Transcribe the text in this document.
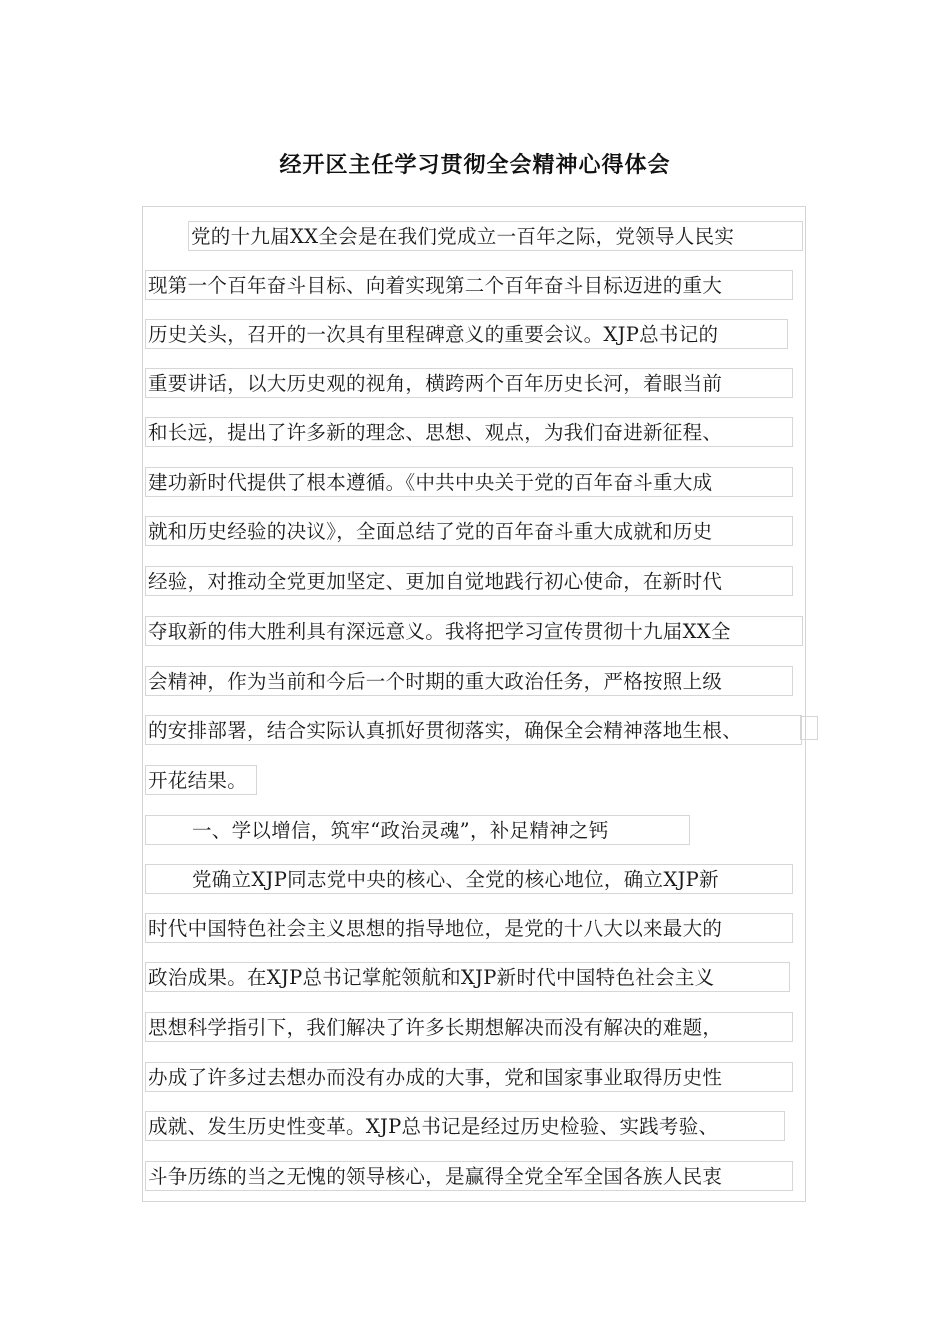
经开区主任学习贯彻全会精神心得体会
党的十九届XX全会是在我们党成立一百年之际，党领导人民实
现第一个百年奋斗目标、向着实现第二个百年奋斗目标迈进的重大
历史关头，召开的一次具有里程碑意义的重要会议。XJP总书记的
重要讲话，以大历史观的视角，横跨两个百年历史长河，着眼当前
和长远，提出了许多新的理念、思想、观点，为我们奋进新征程、
建功新时代提供了根本遵循。《中共中央关于党的百年奋斗重大成
就和历史经验的决议》，全面总结了党的百年奋斗重大成就和历史
经验，对推动全党更加坚定、更加自觉地践行初心使命，在新时代
夺取新的伟大胜利具有深远意义。我将把学习宣传贯彻十九届XX全
会精神，作为当前和今后一个时期的重大政治任务，严格按照上级
的安排部署，结合实际认真抓好贯彻落实，确保全会精神落地生根、
开花结果。
一、学以增信，筑牢“政治灵魂”，补足精神之钙
党确立XJP同志党中央的核心、全党的核心地位，确立XJP新
时代中国特色社会主义思想的指导地位，是党的十八大以来最大的
政治成果。在XJP总书记掌舵领航和XJP新时代中国特色社会主义
思想科学指引下，我们解决了许多长期想解决而没有解决的难题，
办成了许多过去想办而没有办成的大事，党和国家事业取得历史性
成就、发生历史性变革。XJP总书记是经过历史检验、实践考验、
斗争历练的当之无愧的领导核心，是赢得全党全军全国各族人民衷
